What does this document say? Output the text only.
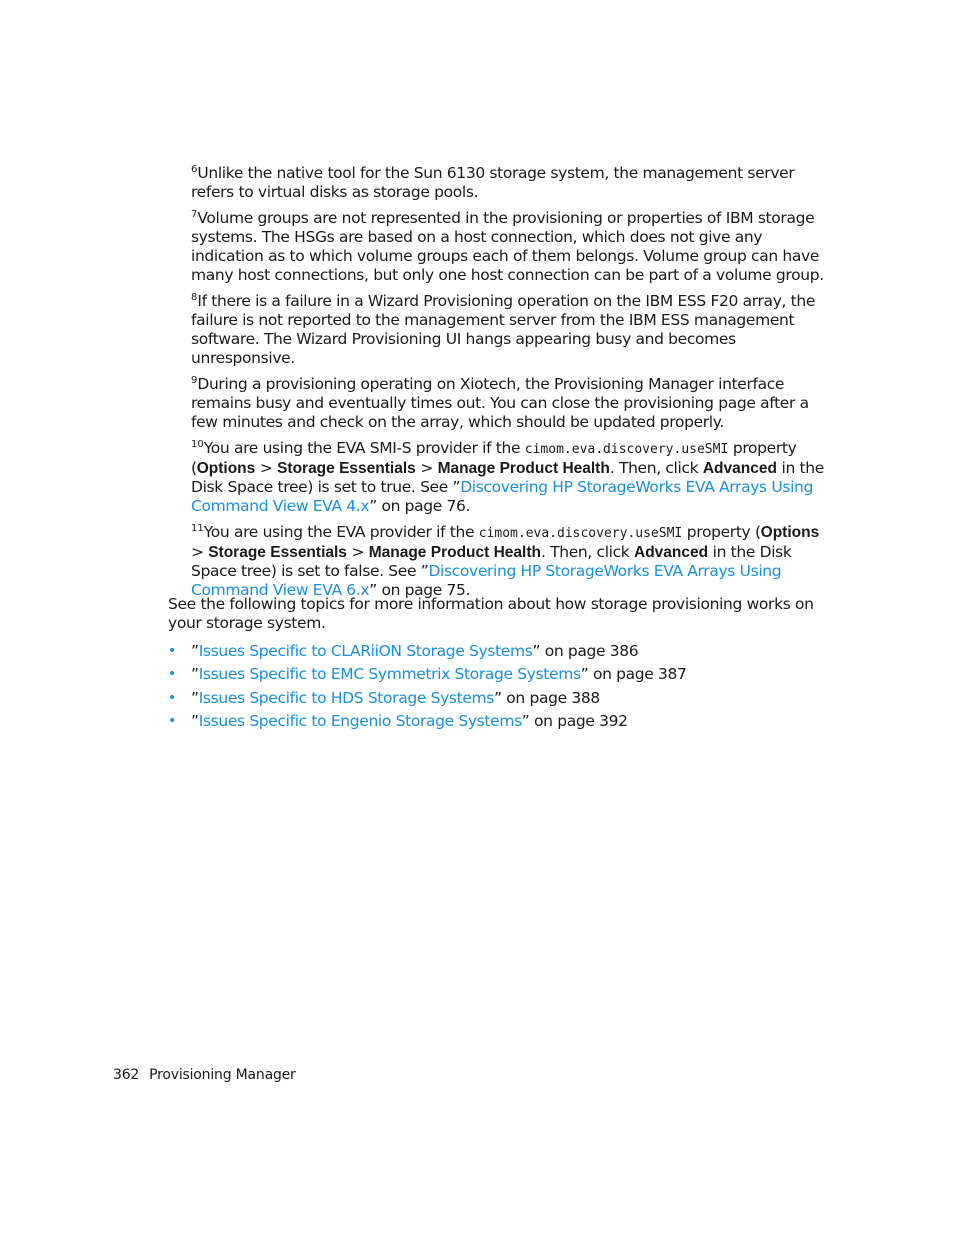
$^6$Unlike the native tool for the Sun 6130 storage system, the management server refers to virtual disks as storage pools.

$^7$Volume groups are not represented in the provisioning or properties of IBM storage systems. The HSGs are based on a host connection, which does not give any indication as to which volume groups each of them belongs. Volume group can have many host connections, but only one host connection can be part of a volume group.

$^8$If there is a failure in a Wizard Provisioning operation on the IBM ESS F20 array, the failure is not reported to the management server from the IBM ESS management software. The Wizard Provisioning UI hangs appearing busy and becomes unresponsive.

$^9$During a provisioning operating on Xiotech, the Provisioning Manager interface remains busy and eventually times out. You can close the provisioning page after a few minutes and check on the array, which should be updated properly.

$^{10}$You are using the EVA SMI-S provider if the cimom.eva.discovery.useSMI property (Options > Storage Essentials > Manage Product Health. Then, click Advanced in the Disk Space tree) is set to true. See ”Discovering HP StorageWorks EVA Arrays Using Command View EVA 4.x” on page 76.

$^{11}$You are using the EVA provider if the cimom.eva.discovery.useSMI property (Options > Storage Essentials > Manage Product Health. Then, click Advanced in the Disk Space tree) is set to false. See ”Discovering HP StorageWorks EVA Arrays Using Command View EVA 6.x” on page 75.

See the following topics for more information about how storage provisioning works on your storage system.

• ”Issues Specific to CLARiiON Storage Systems” on page 386
• ”Issues Specific to EMC Symmetrix Storage Systems” on page 387
• ”Issues Specific to HDS Storage Systems” on page 388
• ”Issues Specific to Engenio Storage Systems” on page 392
362 Provisioning Manager
